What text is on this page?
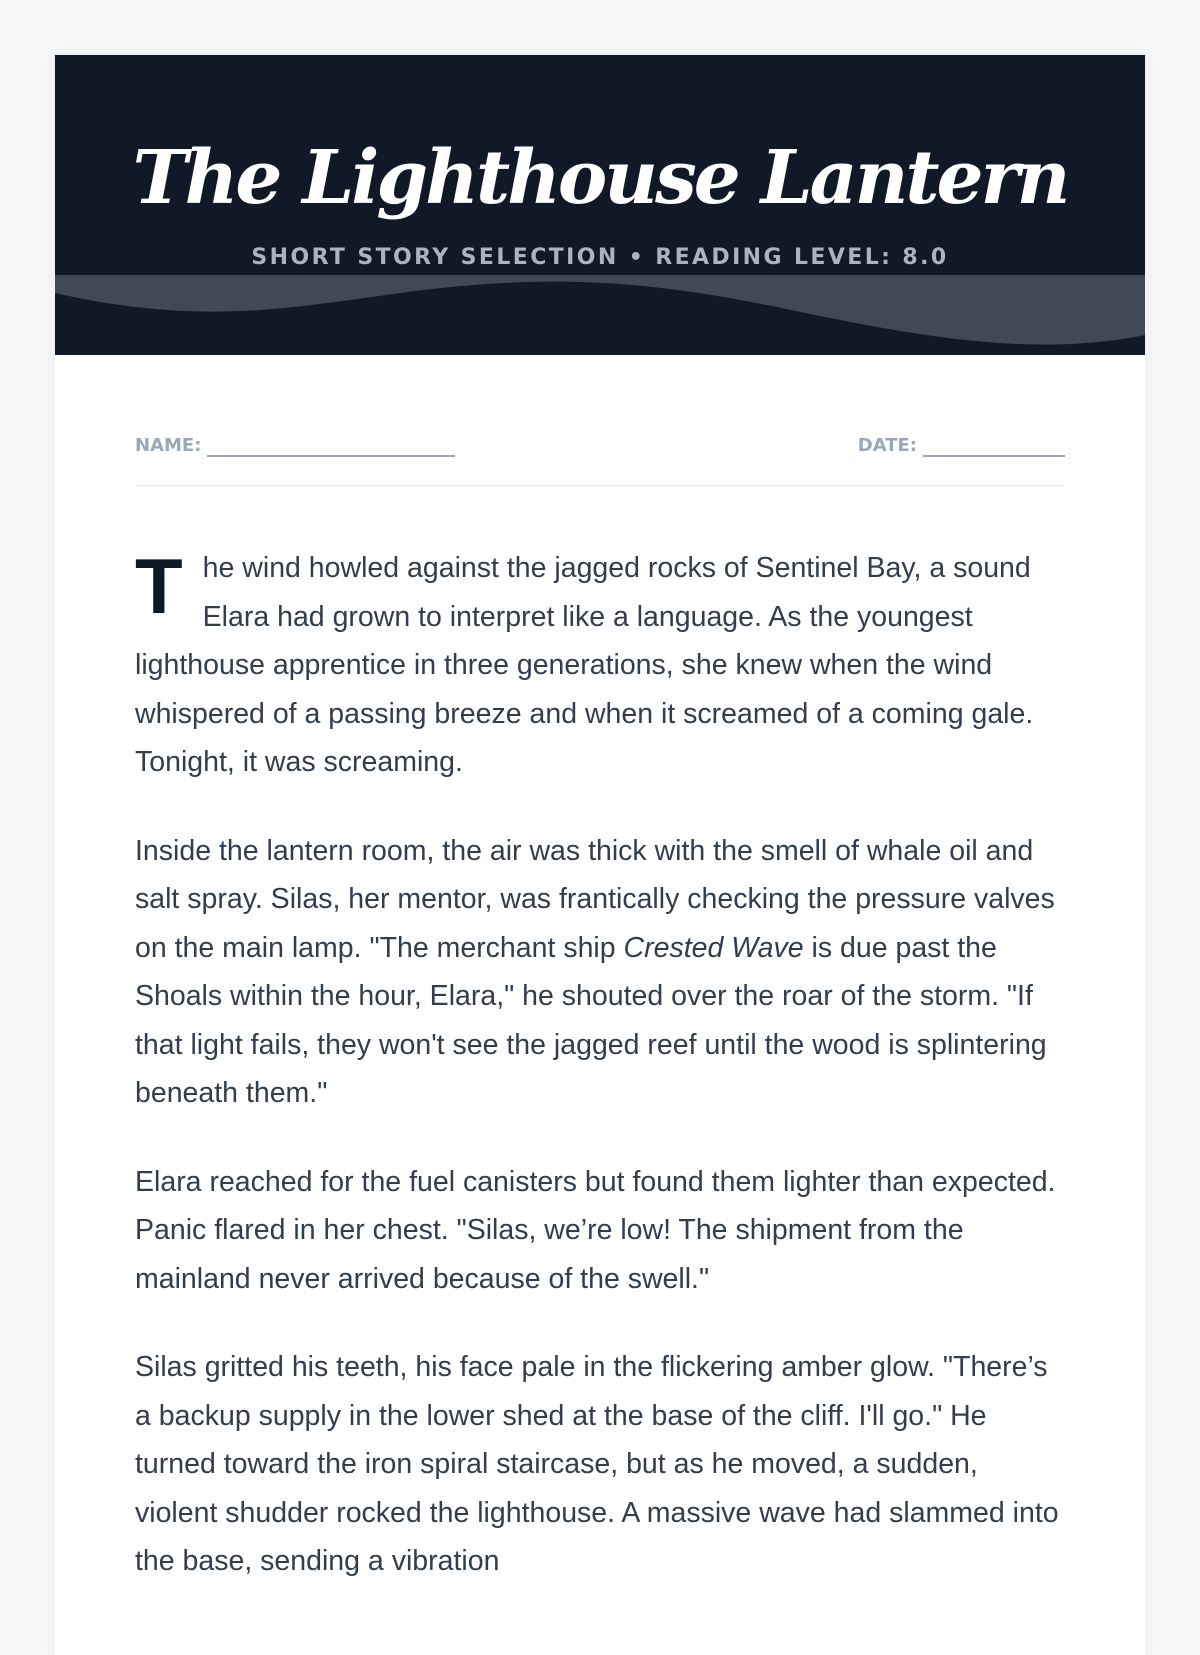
The Lighthouse Lantern
SHORT STORY SELECTION • READING LEVEL: 8.0
NAME:	DATE:

The wind howled against the jagged rocks of Sentinel Bay, a sound Elara had grown to interpret like a language. As the youngest lighthouse apprentice in three generations, she knew when the wind whispered of a passing breeze and when it screamed of a coming gale. Tonight, it was screaming.

Inside the lantern room, the air was thick with the smell of whale oil and salt spray. Silas, her mentor, was frantically checking the pressure valves on the main lamp. "The merchant ship Crested Wave is due past the Shoals within the hour, Elara," he shouted over the roar of the storm. "If that light fails, they won't see the jagged reef until the wood is splintering beneath them."

Elara reached for the fuel canisters but found them lighter than expected. Panic flared in her chest. "Silas, we’re low! The shipment from the mainland never arrived because of the swell."

Silas gritted his teeth, his face pale in the flickering amber glow. "There’s a backup supply in the lower shed at the base of the cliff. I'll go." He turned toward the iron spiral staircase, but as he moved, a sudden, violent shudder rocked the lighthouse. A massive wave had slammed into the base, sending a vibration
